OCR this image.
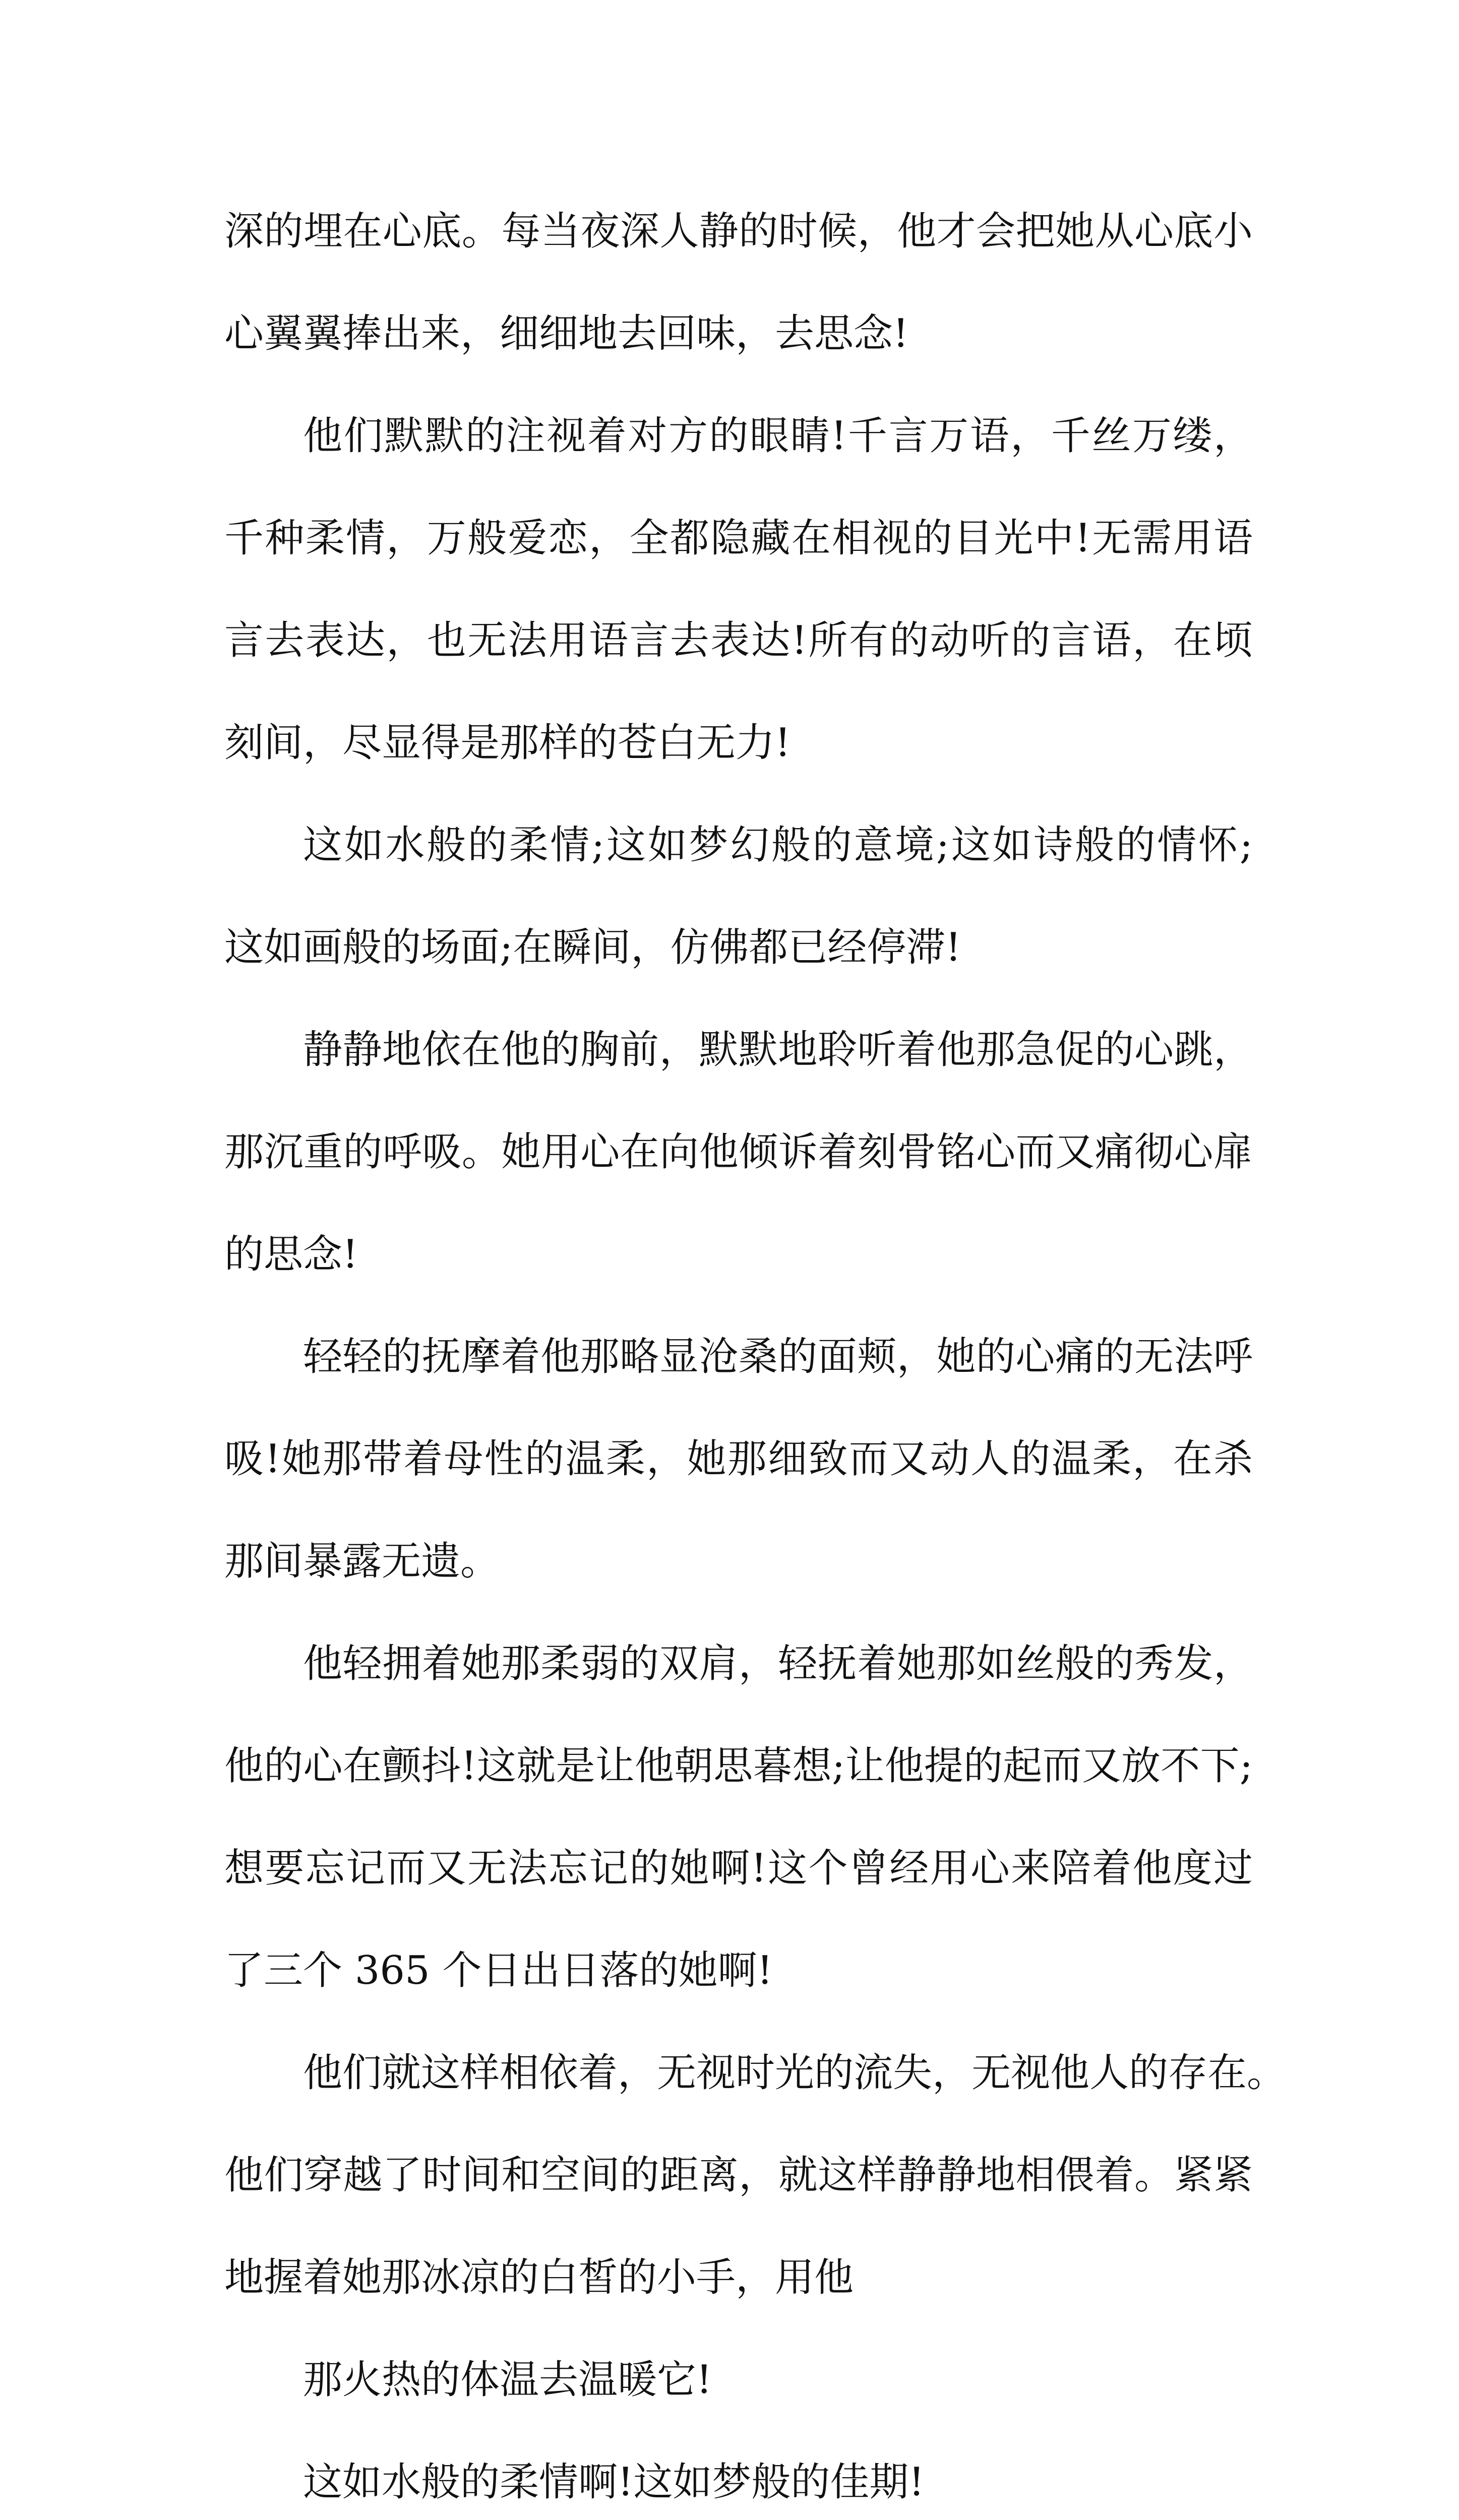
深的埋在心底。每当夜深人静的时候，他才会把她从心底小
心翼翼捧出来，细细地去回味，去思念!
他们默默的注视着对方的眼睛!千言万语，千丝万缕，
千种柔情，万般爱恋，全都隐藏在相视的目光中!无需用语
言去表达，也无法用语言去表达!所有的动听的言语，在顷
刻间，尽显得是那样的苍白无力!
这如水般的柔情;这如梦幻般的意境;这如诗般的情怀;
这如画般的场面;在瞬间，仿佛都已经停滞!
静静地依在他的胸前，默默地聆听着他那急促的心跳，
那沉重的呼吸。她用心在向他倾诉着刻骨铭心而又痛彻心扉
的思念!
轻轻的抚摩着他那略显沧桑的面颊，她的心痛的无法呼
吸!她那带着母性的温柔，她那细致而又动人的温柔，在杀
那间暴露无遗。
他轻拥着她那柔弱的双肩，轻抚着她那如丝般的秀发，
他的心在颤抖!这就是让他朝思暮想;让他提的起而又放不下;
想要忘记而又无法忘记的她啊!这个曾经用心来陪着他度过
了三个 365 个日出日落的她啊!
他们就这样相依着，无视时光的流失，无视他人的存在。
他们穿越了时间和空间的距离，就这样静静地相偎着。紧紧
地握着她那冰凉的白皙的小手，用他
那火热的体温去温暖它!
这如水般的柔情啊!这如梦般的佳期!
